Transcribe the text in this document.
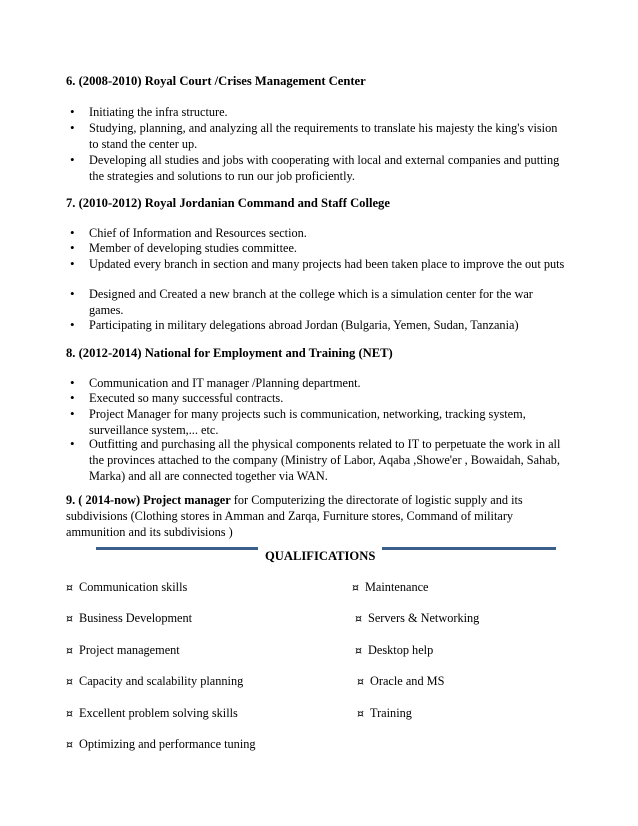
6. (2008-2010) Royal Court /Crises Management Center
• Initiating the infra structure.
• Studying, planning, and analyzing all the requirements to translate his majesty the king's vision to stand the center up.
• Developing all studies and jobs with cooperating with local and external companies and putting the strategies and solutions to run our job proficiently.
7. (2010-2012) Royal Jordanian Command and Staff College
• Chief of Information and Resources section.
• Member of developing studies committee.
• Updated every branch in section and many projects had been taken place to improve the out puts
• Designed and Created a new branch at the college which is a simulation center for the war games.
• Participating in military delegations abroad Jordan (Bulgaria, Yemen, Sudan, Tanzania)
8. (2012-2014) National for Employment and Training (NET)
• Communication and IT manager /Planning department.
• Executed so many successful contracts.
• Project Manager for many projects such is communication, networking, tracking system, surveillance system,... etc.
• Outfitting and purchasing all the physical components related to IT to perpetuate the work in all the provinces attached to the company (Ministry of Labor, Aqaba ,Showe'er , Bowaidah, Sahab, Marka) and all are connected together via WAN.
9. ( 2014-now) Project manager for Computerizing the directorate of logistic supply and its subdivisions (Clothing stores in Amman and Zarqa, Furniture stores, Command of military ammunition and its subdivisions )
QUALIFICATIONS
¤ Communication skills
¤ Business Development
¤ Project management
¤ Capacity and scalability planning
¤ Excellent problem solving skills
¤ Optimizing and performance tuning
¤ Maintenance
¤ Servers & Networking
¤ Desktop help
¤ Oracle and MS
¤ Training
